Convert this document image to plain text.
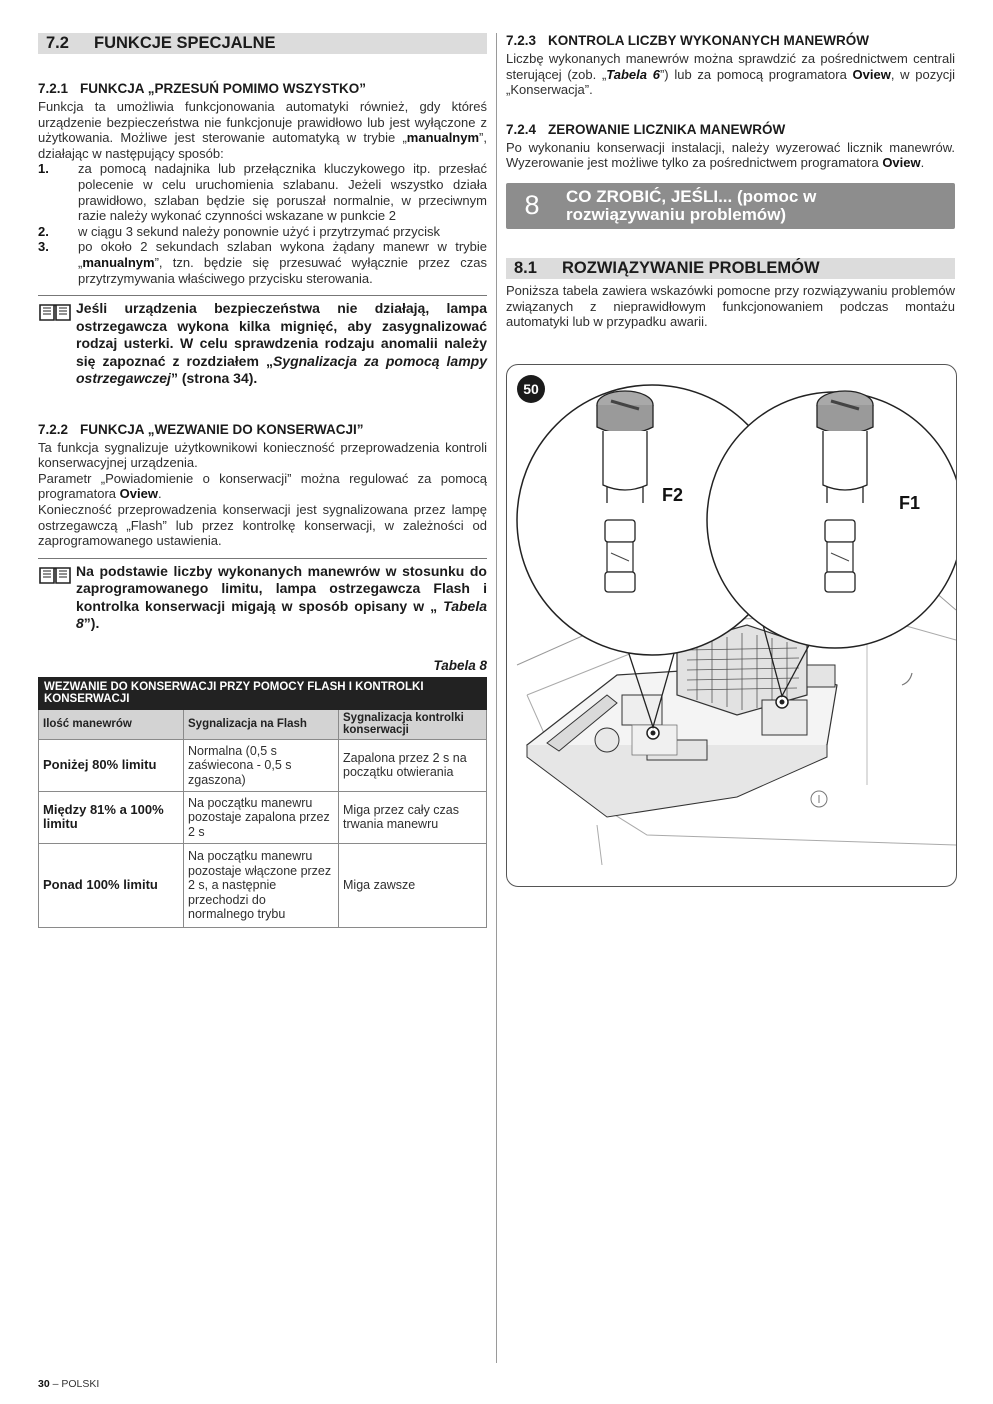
7.2	FUNKCJE SPECJALNE
7.2.1 FUNKCJA „PRZESUŃ POMIMO WSZYSTKO”

Funkcja ta umożliwia funkcjonowania automatyki również, gdy któreś urządzenie bezpieczeństwa nie funkcjonuje prawidłowo lub jest wyłączone z użytkowania. Możliwe jest sterowanie automatyką w trybie „manualnym”, działając w następujący sposób:

1.	za pomocą nadajnika lub przełącznika kluczykowego itp. przesłać polecenie w celu uruchomienia szlabanu. Jeżeli wszystko działa prawidłowo, szlaban będzie się poruszał normalnie, w przeciwnym razie należy wykonać czynności wskazane w punkcie 2
2.	w ciągu 3 sekund należy ponownie użyć i przytrzymać przycisk
3.	po około 2 sekundach szlaban wykona żądany manewr w trybie „manualnym”, tzn. będzie się przesuwać wyłącznie przez czas przytrzymywania właściwego przycisku sterowania.
Jeśli urządzenia bezpieczeństwa nie działają, lampa ostrzegawcza wykona kilka mignięć, aby zasygnalizować rodzaj usterki. W celu sprawdzenia rodzaju anomalii należy się zapoznać z rozdziałem „Sygnalizacja za pomocą lampy ostrzegawczej” (strona 34).
7.2.2 FUNKCJA „WEZWANIE DO KONSERWACJI”

Ta funkcja sygnalizuje użytkownikowi konieczność przeprowadzenia kontroli konserwacyjnej urządzenia.

Parametr „Powiadomienie o konserwacji” można regulować za pomocą programatora Oview.

Konieczność przeprowadzenia konserwacji jest sygnalizowana przez lampę ostrzegawczą „Flash” lub przez kontrolkę konserwacji, w zależności od zaprogramowanego ustawienia.

Na podstawie liczby wykonanych manewrów w stosunku do zaprogramowanego limitu, lampa ostrzegawcza Flash i kontrolka konserwacji migają w sposób opisany w „ Tabela 8”).
Tabela 8
WEZWANIE DO KONSERWACJI PRZY POMOCY FLASH I KONTROLKI KONSERWACJI		
Ilość manewrów	Sygnalizacja na Flash	Sygnalizacja kontrolki konserwacji
Poniżej 80% limitu	Normalna (0,5 s zaświecona - 0,5 s zgaszona)	Zapalona przez 2 s na początku otwierania
Między 81% a 100% limitu	Na początku manewru pozostaje zapalona przez 2 s	Miga przez cały czas trwania manewru
Ponad 100% limitu	Na początku manewru pozostaje włączone przez 2 s, a następnie przechodzi do normalnego trybu	Miga zawsze
7.2.3 KONTROLA LICZBY WYKONANYCH MANEWRÓW

Liczbę wykonanych manewrów można sprawdzić za pośrednictwem centrali sterującej (zob. „Tabela 6”) lub za pomocą programatora Oview, w pozycji „Konserwacja”.

7.2.4 ZEROWANIE LICZNIKA MANEWRÓW

Po wykonaniu konserwacji instalacji, należy wyzerować licznik manewrów. Wyzerowanie jest możliwe tylko za pośrednictwem programatora Oview.

8	CO ZROBIĆ, JEŚLI... (pomoc w
rozwiązywaniu problemów)
8.1	ROZWIĄZYWANIE PROBLEMÓW

Poniższa tabela zawiera wskazówki pomocne przy rozwiązywaniu problemów związanych z nieprawidłowym funkcjonowaniem podczas montażu automatyki lub w przypadku awarii.

50
F2	F1
30 – POLSKI
